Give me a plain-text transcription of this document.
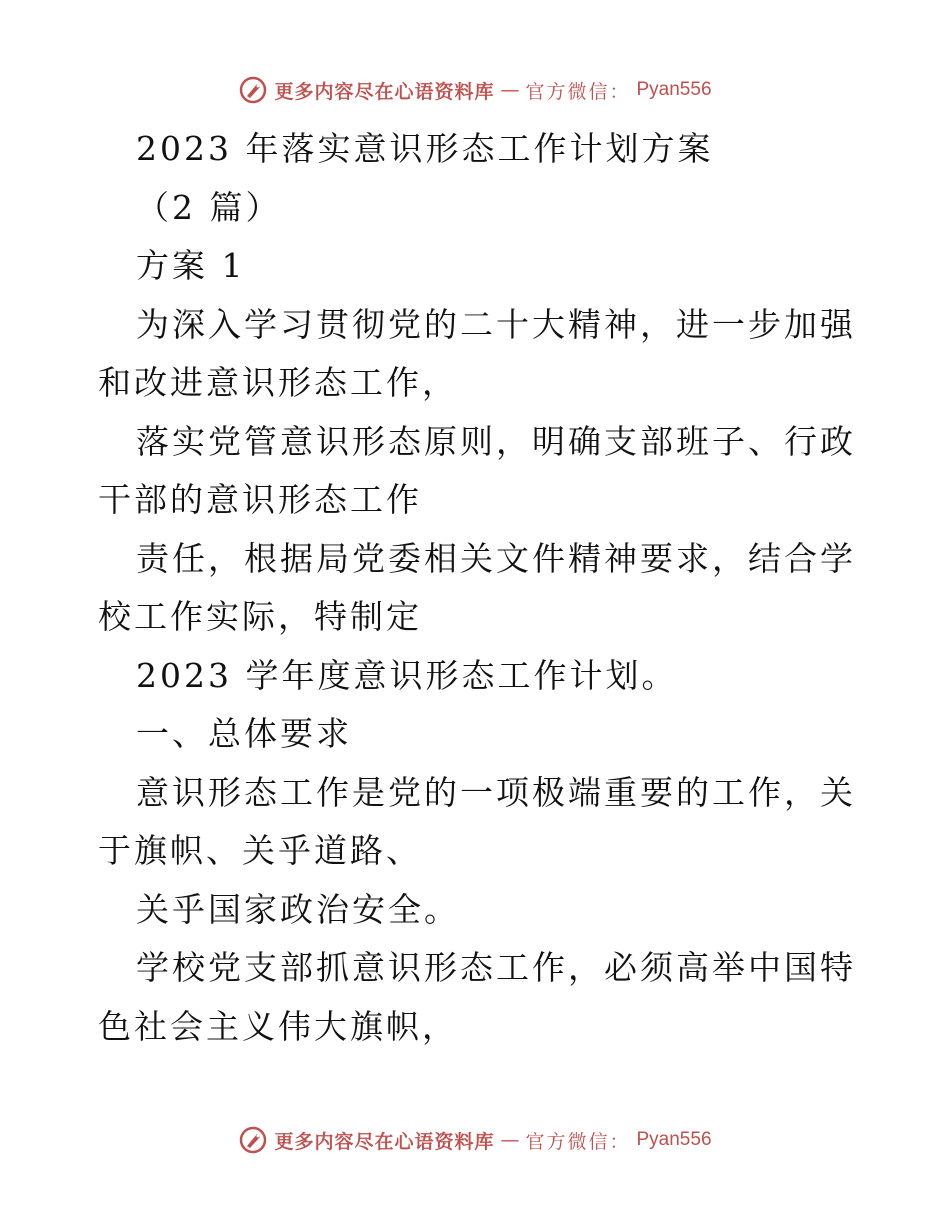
更多内容尽在心语资料库 — 官方微信： Pyan556

2023 年落实意识形态工作计划方案

（2 篇）

方案 1

为深入学习贯彻党的二十大精神，进一步加强和改进意识形态工作，

落实党管意识形态原则，明确支部班子、行政干部的意识形态工作

责任，根据局党委相关文件精神要求，结合学校工作实际，特制定

2023 学年度意识形态工作计划。

一、总体要求

意识形态工作是党的一项极端重要的工作，关于旗帜、关乎道路、

关乎国家政治安全。

学校党支部抓意识形态工作，必须高举中国特色社会主义伟大旗帜，

更多内容尽在心语资料库 — 官方微信： Pyan556
